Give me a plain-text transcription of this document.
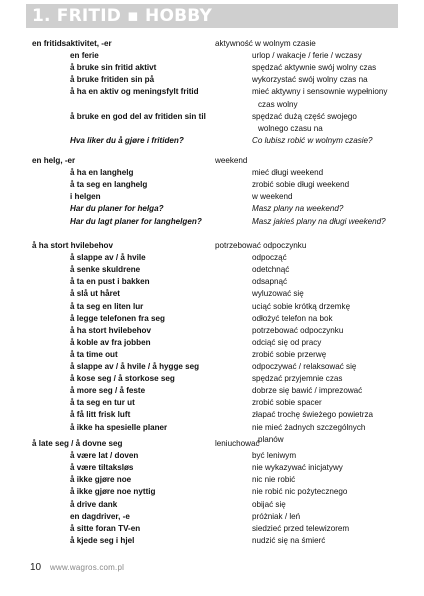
1. FRITID ▪ HOBBY
en fritidsaktivitet, -er	aktywność w wolnym czasie
en ferie	urlop / wakacje / ferie / wczasy
å bruke sin fritid aktivt	spędzać aktywnie swój wolny czas
å bruke fritiden sin på	wykorzystać swój wolny czas na
å ha en aktiv og meningsfylt fritid	mieć aktywny i sensownie wypełniony
czas wolny
å bruke en god del av fritiden sin til	spędzać dużą część swojego
wolnego czasu na
Hva liker du å gjøre i fritiden?	Co lubisz robić w wolnym czasie?
en helg, -er	weekend
å ha en langhelg	mieć długi weekend
å ta seg en langhelg	zrobić sobie długi weekend
i helgen	w weekend
Har du planer for helga?	Masz plany na weekend?
Har du lagt planer for langhelgen?	Masz jakieś plany na długi weekend?
å ha stort hvilebehov	potrzebować odpoczynku
å slappe av / å hvile	odpocząć
å senke skuldrene	odetchnąć
å ta en pust i bakken	odsapnąć
å slå ut håret	wyluzować się
å ta seg en liten lur	uciąć sobie krótką drzemkę
å legge telefonen fra seg	odłożyć telefon na bok
å ha stort hvilebehov	potrzebować odpoczynku
å koble av fra jobben	odciąć się od pracy
å ta time out	zrobić sobie przerwę
å slappe av / å hvile / å hygge seg	odpoczywać / relaksować się
å kose seg / å storkose seg	spędzać przyjemnie czas
å more seg / å feste	dobrze się bawić / imprezować
å ta seg en tur ut	zrobić sobie spacer
å få litt frisk luft	złapać trochę świeżego powietrza
å ikke ha spesielle planer	nie mieć żadnych szczególnych
planów
å late seg / å dovne seg	leniuchować
å være lat / doven	być leniwym
å være tiltaksløs	nie wykazywać inicjatywy
å ikke gjøre noe	nic nie robić
å ikke gjøre noe nyttig	nie robić nic pożytecznego
å drive dank	obijać się
en dagdriver, -e	próżniak / leń
å sitte foran TV-en	siedzieć przed telewizorem
å kjede seg i hjel	nudzić się na śmierć
10 www.wagros.com.pl
